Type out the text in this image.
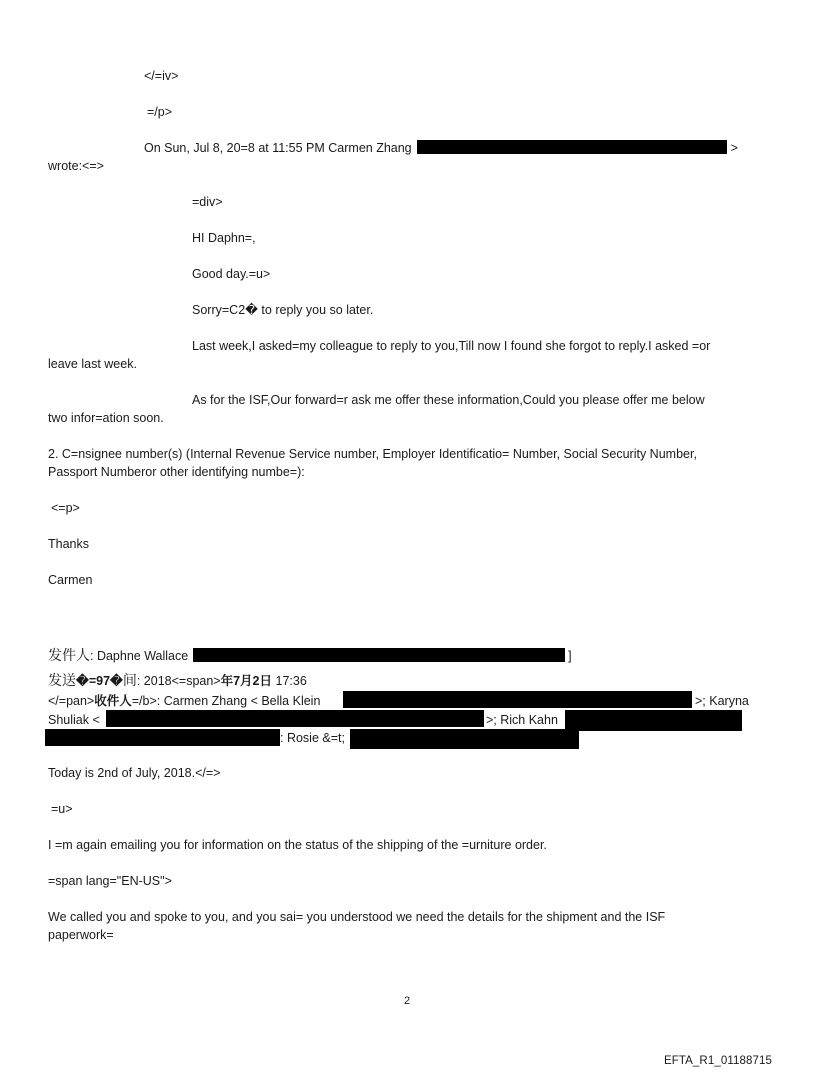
</=iv>
=/p>
On Sun, Jul 8, 20=8 at 11:55 PM Carmen Zhang	>
wrote:<=>
=div>
HI Daphn=,
Good day.=u>
Sorry=C2� to reply you so later.
Last week,I asked=my colleague to reply to you,Till now I found she forgot to reply.I asked =or
leave last week.
As for the ISF,Our forward=r ask me offer these information,Could you please offer me below
two infor=ation soon.
2. C=nsignee number(s) (Internal Revenue Service number, Employer Identificatio= Number, Social Security Number,
Passport Numberor other identifying numbe=):
<=p>
Thanks
Carmen
发件人: Daphne Wallace	]
发送�=97�间: 2018<=span>年7月2日 17:36
</=pan>收件人=/b>: Carmen Zhang < Bella Klein	>; Karyna
Shuliak <	>; Rich Kahn
: Rosie &=t;
Today is 2nd of July, 2018.</=>
=u>
I =m again emailing you for information on the status of the shipping of the =urniture order.
=span lang="EN-US">
We called you and spoke to you, and you sai= you understood we need the details for the shipment and the ISF
paperwork=
2
EFTA_R1_01188715
